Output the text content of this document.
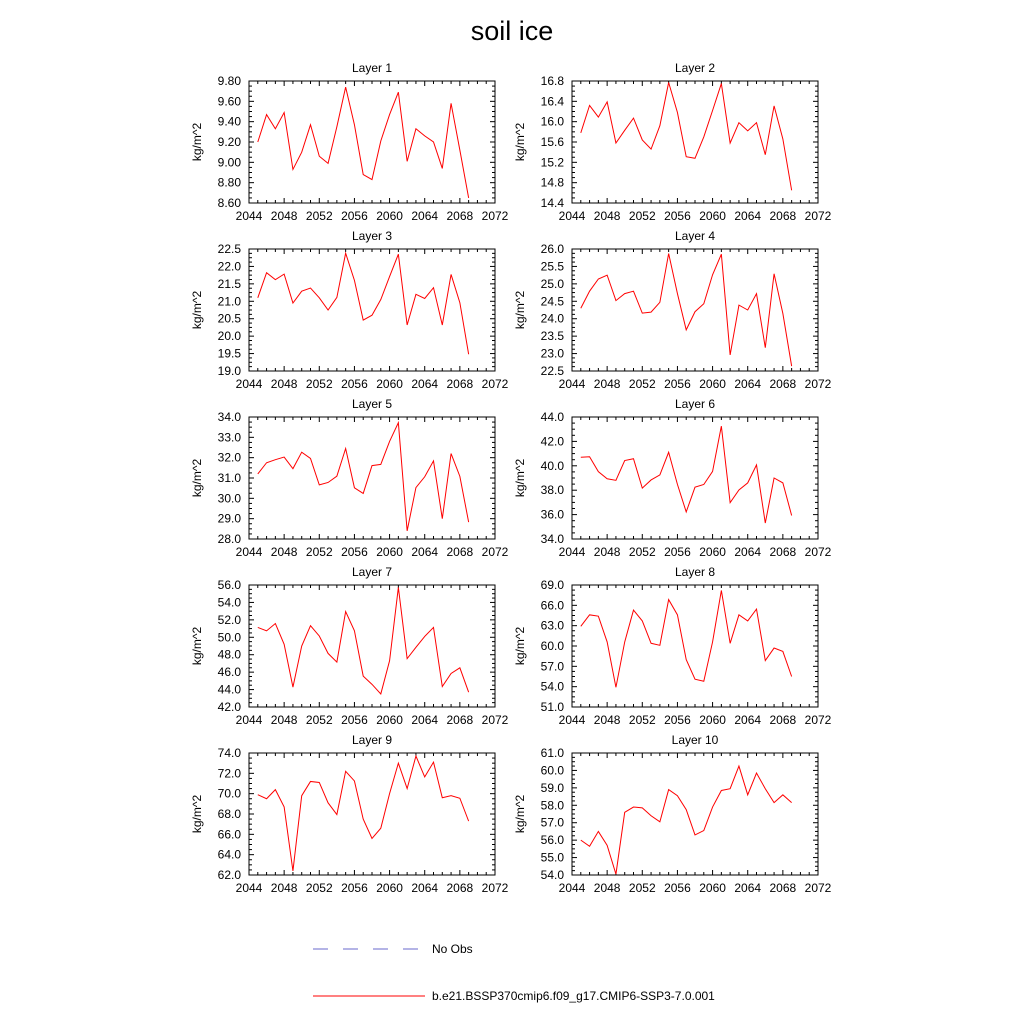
soil ice
Layer 1
2044 2048 2052 2056 2060 2064 2068 2072
8.60
8.80
9.00
9.20
9.40
9.60
9.80
kg/m^2
Layer 2
2044 2048 2052 2056 2060 2064 2068 2072
14.4
14.8
15.2
15.6
16.0
16.4
16.8
kg/m^2
Layer 3
2044 2048 2052 2056 2060 2064 2068 2072
19.0
19.5
20.0
20.5
21.0
21.5
22.0
22.5
kg/m^2
Layer 4
2044 2048 2052 2056 2060 2064 2068 2072
22.5
23.0
23.5
24.0
24.5
25.0
25.5
26.0
kg/m^2
Layer 5
2044 2048 2052 2056 2060 2064 2068 2072
28.0
29.0
30.0
31.0
32.0
33.0
34.0
kg/m^2
Layer 6
2044 2048 2052 2056 2060 2064 2068 2072
34.0
36.0
38.0
40.0
42.0
44.0
kg/m^2
Layer 7
2044 2048 2052 2056 2060 2064 2068 2072
42.0
44.0
46.0
48.0
50.0
52.0
54.0
56.0
kg/m^2
Layer 8
2044 2048 2052 2056 2060 2064 2068 2072
51.0
54.0
57.0
60.0
63.0
66.0
69.0
kg/m^2
Layer 9
2044 2048 2052 2056 2060 2064 2068 2072
62.0
64.0
66.0
68.0
70.0
72.0
74.0
kg/m^2
Layer 10
2044 2048 2052 2056 2060 2064 2068 2072
54.0
55.0
56.0
57.0
58.0
59.0
60.0
61.0
kg/m^2
No Obs
b.e21.BSSP370cmip6.f09_g17.CMIP6-SSP3-7.0.001
